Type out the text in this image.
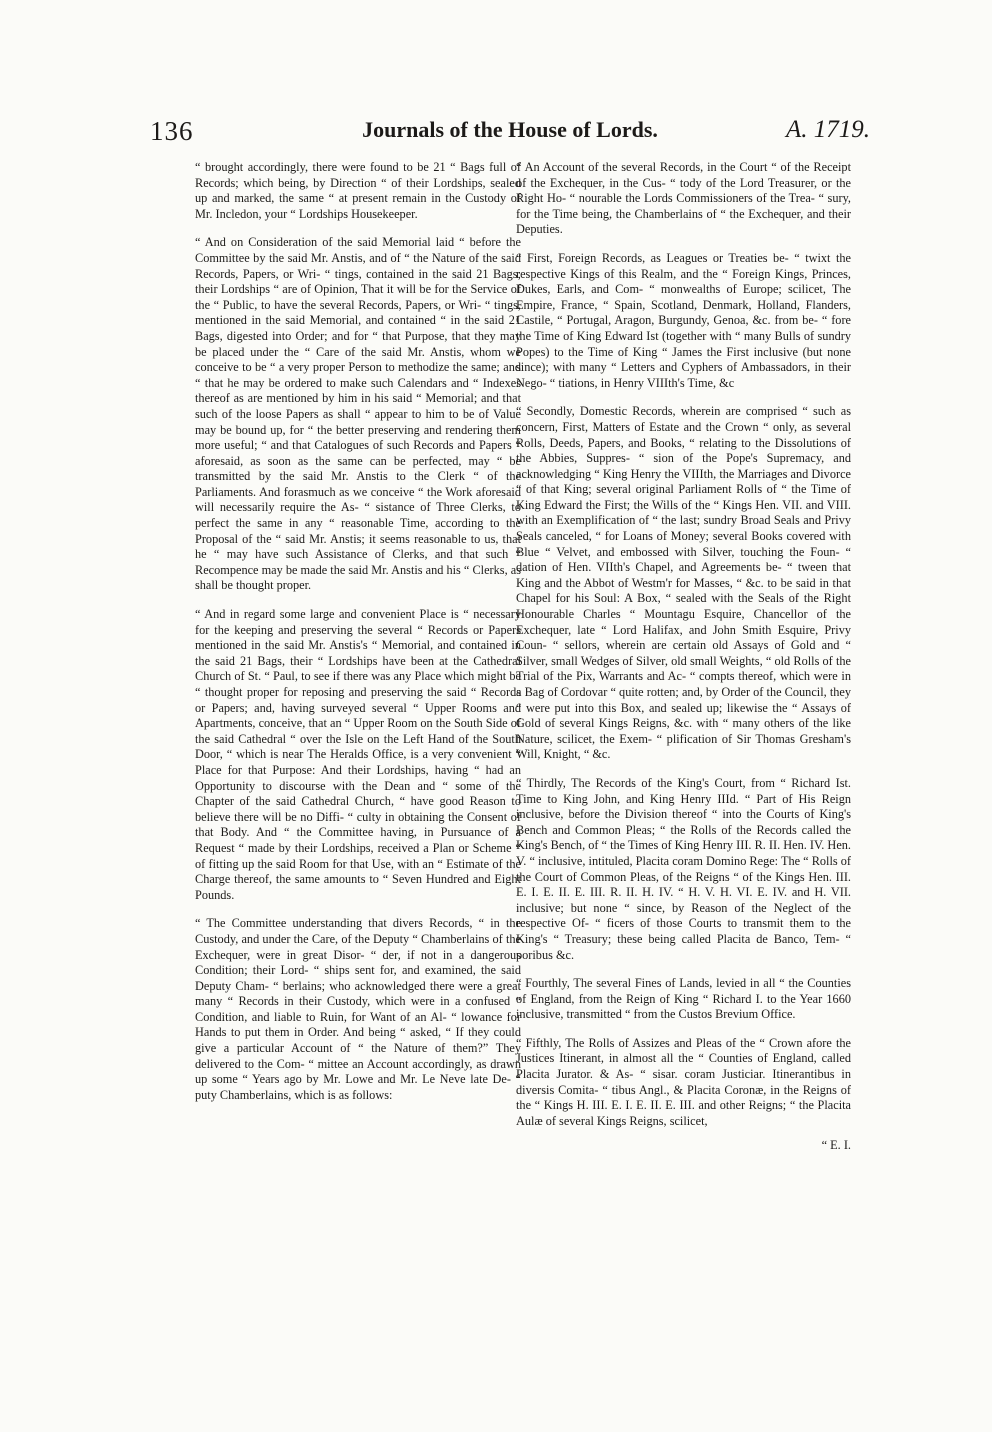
136	Journals of the House of Lords.	A. 1719.

“ brought accordingly, there were found to be 21 “ Bags full of Records; which being, by Direction “ of their Lordships, sealed up and marked, the same “ at present remain in the Custody of Mr. Incledon, your “ Lordships Housekeeper.

“ And on Consideration of the said Memorial laid “ before the Committee by the said Mr. Anstis, and of “ the Nature of the said Records, Papers, or Wri- “ tings, contained in the said 21 Bags; their Lordships “ are of Opinion, That it will be for the Service of the “ Public, to have the several Records, Papers, or Wri- “ tings, mentioned in the said Memorial, and contained “ in the said 21 Bags, digested into Order; and for “ that Purpose, that they may be placed under the “ Care of the said Mr. Anstis, whom we conceive to be “ a very proper Person to methodize the same; and “ that he may be ordered to make such Calendars and “ Indexes thereof as are mentioned by him in his said “ Memorial; and that such of the loose Papers as shall “ appear to him to be of Value may be bound up, for “ the better preserving and rendering them more useful; “ and that Catalogues of such Records and Papers “ aforesaid, as soon as the same can be perfected, may “ be transmitted by the said Mr. Anstis to the Clerk “ of the Parliaments. And forasmuch as we conceive “ the Work aforesaid will necessarily require the As- “ sistance of Three Clerks, to perfect the same in any “ reasonable Time, according to the Proposal of the “ said Mr. Anstis; it seems reasonable to us, that he “ may have such Assistance of Clerks, and that such “ Recompence may be made the said Mr. Anstis and his “ Clerks, as shall be thought proper.

“ And in regard some large and convenient Place is “ necessary for the keeping and preserving the several “ Records or Papers mentioned in the said Mr. Anstis's “ Memorial, and contained in the said 21 Bags, their “ Lordships have been at the Cathedral Church of St. “ Paul, to see if there was any Place which might be “ thought proper for reposing and preserving the said “ Records or Papers; and, having surveyed several “ Upper Rooms and Apartments, conceive, that an “ Upper Room on the South Side of the said Cathedral “ over the Isle on the Left Hand of the South Door, “ which is near The Heralds Office, is a very convenient “ Place for that Purpose: And their Lordships, having “ had an Opportunity to discourse with the Dean and “ some of the Chapter of the said Cathedral Church, “ have good Reason to believe there will be no Diffi- “ culty in obtaining the Consent of that Body. And “ the Committee having, in Pursuance of a Request “ made by their Lordships, received a Plan or Scheme “ of fitting up the said Room for that Use, with an “ Estimate of the Charge thereof, the same amounts to “ Seven Hundred and Eight Pounds.

“ The Committee understanding that divers Records, “ in the Custody, and under the Care, of the Deputy “ Chamberlains of the Exchequer, were in great Disor- “ der, if not in a dangerous Condition; their Lord- “ ships sent for, and examined, the said Deputy Cham- “ berlains; who acknowledged there were a great many “ Records in their Custody, which were in a confused “ Condition, and liable to Ruin, for Want of an Al- “ lowance for Hands to put them in Order. And being “ asked, “ If they could give a particular Account of “ the Nature of them?” They delivered to the Com- “ mittee an Account accordingly, as drawn up some “ Years ago by Mr. Lowe and Mr. Le Neve late De- “ puty Chamberlains, which is as follows:

“ An Account of the several Records, in the Court “ of the Receipt of the Exchequer, in the Cus- “ tody of the Lord Treasurer, or the Right Ho- “ nourable the Lords Commissioners of the Trea- “ sury, for the Time being, the Chamberlains of “ the Exchequer, and their Deputies.

“ First, Foreign Records, as Leagues or Treaties be- “ twixt the respective Kings of this Realm, and the “ Foreign Kings, Princes, Dukes, Earls, and Com- “ monwealths of Europe; scilicet, The Empire, France, “ Spain, Scotland, Denmark, Holland, Flanders, Castile, “ Portugal, Aragon, Burgundy, Genoa, &c. from be- “ fore the Time of King Edward Ist (together with “ many Bulls of sundry Popes) to the Time of King “ James the First inclusive (but none since); with many “ Letters and Cyphers of Ambassadors, in their Nego- “ tiations, in Henry VIIIth's Time, &c

“ Secondly, Domestic Records, wherein are comprised “ such as concern, First, Matters of Estate and the Crown “ only, as several Rolls, Deeds, Papers, and Books, “ relating to the Dissolutions of the Abbies, Suppres- “ sion of the Pope's Supremacy, and acknowledging “ King Henry the VIIIth, the Marriages and Divorce “ of that King; several original Parliament Rolls of “ the Time of King Edward the First; the Wills of the “ Kings Hen. VII. and VIII. with an Exemplification of “ the last; sundry Broad Seals and Privy Seals canceled, “ for Loans of Money; several Books covered with Blue “ Velvet, and embossed with Silver, touching the Foun- “ dation of Hen. VIIth's Chapel, and Agreements be- “ tween that King and the Abbot of Westm'r for Masses, “ &c. to be said in that Chapel for his Soul: A Box, “ sealed with the Seals of the Right Honourable Charles “ Mountagu Esquire, Chancellor of the Exchequer, late “ Lord Halifax, and John Smith Esquire, Privy Coun- “ sellors, wherein are certain old Assays of Gold and “ Silver, small Wedges of Silver, old small Weights, “ old Rolls of the Trial of the Pix, Warrants and Ac- “ compts thereof, which were in a Bag of Cordovar “ quite rotten; and, by Order of the Council, they “ were put into this Box, and sealed up; likewise the “ Assays of Gold of several Kings Reigns, &c. with “ many others of the like Nature, scilicet, the Exem- “ plification of Sir Thomas Gresham's Will, Knight, “ &c.

“ Thirdly, The Records of the King's Court, from “ Richard Ist. Time to King John, and King Henry IIId. “ Part of His Reign inclusive, before the Division thereof “ into the Courts of King's Bench and Common Pleas; “ the Rolls of the Records called the King's Bench, of “ the Times of King Henry III. R. II. Hen. IV. Hen. V. “ inclusive, intituled, Placita coram Domino Rege: The “ Rolls of the Court of Common Pleas, of the Reigns “ of the Kings Hen. III. E. I. E. II. E. III. R. II. H. IV. “ H. V. H. VI. E. IV. and H. VII. inclusive; but none “ since, by Reason of the Neglect of the respective Of- “ ficers of those Courts to transmit them to the King's “ Treasury; these being called Placita de Banco, Tem- “ poribus &c.

“ Fourthly, The several Fines of Lands, levied in all “ the Counties of England, from the Reign of King “ Richard I. to the Year 1660 inclusive, transmitted “ from the Custos Brevium Office.

“ Fifthly, The Rolls of Assizes and Pleas of the “ Crown afore the Justices Itinerant, in almost all the “ Counties of England, called Placita Jurator. & As- “ sisar. coram Justiciar. Itinerantibus in diversis Comita- “ tibus Angl., & Placita Coronæ, in the Reigns of the “ Kings H. III. E. I. E. II. E. III. and other Reigns; “ the Placita Aulæ of several Kings Reigns, scilicet,

“ E. I.
